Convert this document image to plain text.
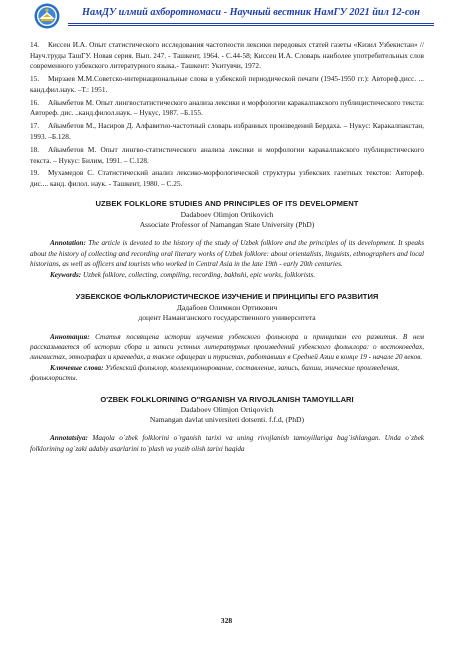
НамДУ илмий ахборотномаси - Научный вестник НамГУ 2021 йил 12-сон

14. Киссен И.А. Опыт статистического исследования частотности лексики передовых статей газеты «Кизил Узбекистан» // Науч.труды ТашГУ. Новая серия. Вып. 247. - Ташкент, 1964. - С.44-58; Киссен И.А. Словарь наиболее употребительных слов современного узбекского литературного языка.- Ташкент: Укитувчи, 1972.

15. Мирзаев М.М.Советско-интернациональные слова в узбекской периодической печати (1945-1950 гг.): Автореф.дисс. ... канд.фил.наук. –Т.: 1951.

16. Айымбетов М. Опыт лингвостатистического анализа лексики и морфологии каракалпакского публицистического текста: Автореф. дис. ..канд.филол.наук. – Нукус, 1987. –Б.155.

17. Айымбетов М., Насиров Д. Алфавитно-частотный словарь избранных произведений Бердаха. – Нукус: Каракалпакстан, 1993. –Б.128.

18. Айымбетов М. Опыт лингво-статистического анализа лексики и морфологии каракалпакского публицистического текста. – Нукус: Билим, 1991. – С.128.

19. Мухамедов С. Статистический анализ лексико-морфологической структуры узбекских газетных текстов: Автореф. дис.... канд. филол. наук. - Ташкент, 1980. – С.25.

UZBEK FOLKLORE STUDIES AND PRINCIPLES OF ITS DEVELOPMENT
Dadaboev Olimjon Ortikovich
Associate Professor of Namangan State University (PhD)

Annotation: The article is devoted to the history of the study of Uzbek folklore and the principles of its development. It speaks about the history of collecting and recording oral literary works of Uzbek folklore: about orientalists, linguists, ethnographers and local historians, as well as officers and tourists who worked in Central Asia in the late 19th - early 20th centuries.

Keywords: Uzbek folklore, collecting, compiling, recording, bakhshi, epic works, folklorists.

УЗБЕКСКОЕ ФОЛЬКЛОРИСТИЧЕСКОЕ ИЗУЧЕНИЕ И ПРИНЦИПЫ ЕГО РАЗВИТИЯ
Дадабоев Олимжон Ортикович
доцент Наманганского государственного университета

Аннотация: Статья посвящена истории изучения узбекского фольклора и принципам его развития. В нем рассказывается об истории сбора и записи устных литературных произведений узбекского фольклора: о востоковедах, лингвистах, этнографах и краеведах, а также офицерах и туристах, работавших в Средней Азии в конце 19 - начале 20 веков.

Ключевые слова: Узбекский фольклор, коллекционирование, составление, запись, бахши, эпические произведения, фольклористы.

O'ZBEK FOLKLORINING O"RGANISH VA RIVOJLANISH TAMOYILLARI
Dadaboev Olimjon Ortiqovich
Namangan davlat universiteti dotsenti. f.f.d, (PhD)

Annotatsiya: Maqola o`zbek folklorini o`rganish tarixi va uning rivojlanish tamoyillariga bag`ishlangan. Unda o`zbek folklorining og`zaki adabiy asarlarini to`plash va yozib olish tarixi haqida

328
